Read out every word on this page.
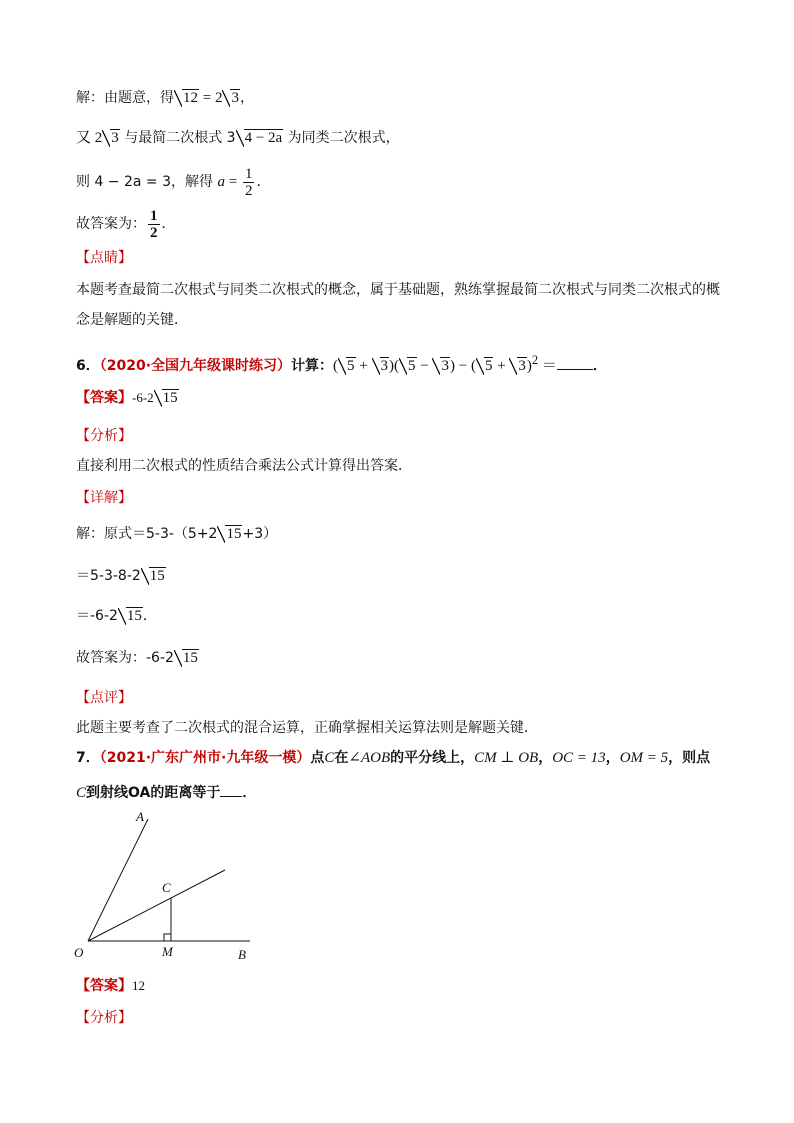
解：由题意，得 12 = 2 3，
又 2 3 与最简二次根式 3 4 − 2a 为同类二次根式，
则 4 − 2a = 3，解得 $a = \frac{1}{2}$ ．
故答案为： $\frac{1}{2}$ ．
【点睛】
本题考查最简二次根式与同类二次根式的概念，属于基础题，熟练掌握最简二次根式与同类二次根式的概
念是解题的关键．
6．（2020·全国九年级课时练习）计算：( 5 + 3)( 5 − 3) − ( 5 + 3)$^2$ ＝	．
【答案】-6-2 15
【分析】
直接利用二次根式的性质结合乘法公式计算得出答案．
【详解】
解：原式＝5-3-（5+2 15+3）
＝5-3-8-2 15
＝-6-2 15．
故答案为：-6-2 15
【点评】
此题主要考查了二次根式的混合运算，正确掌握相关运算法则是解题关键．
7．（2021·广东广州市·九年级一模）点C在∠AOB的平分线上，CM ⊥ OB，OC = 13，OM = 5，则点
C到射线OA的距离等于 ．
A
C
O	M	B
【答案】12
【分析】
